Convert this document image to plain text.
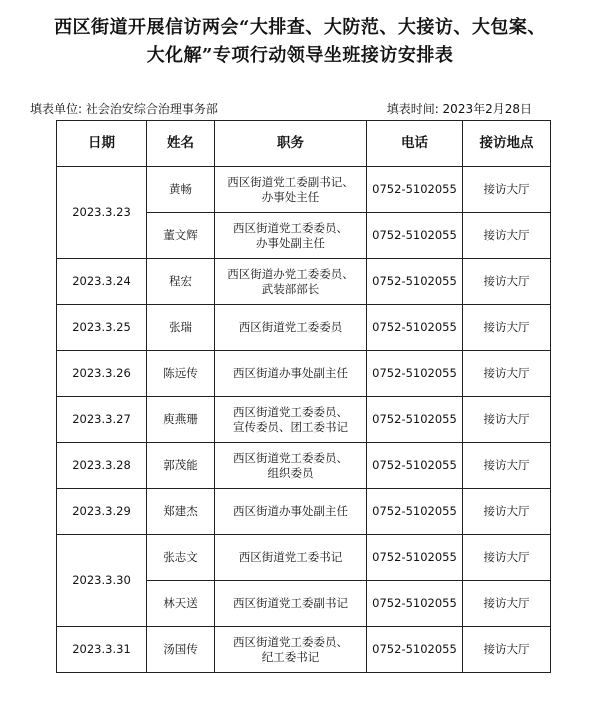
西区街道开展信访两会“大排查、大防范、大接访、大包案、
大化解”专项行动领导坐班接访安排表
填表单位: 社会治安综合治理事务部	填表时间: 2023年2月28日
日期	姓名	职务	电话	接访地点
2023.3.23	黄畅	西区街道党工委副书记、
办事处主任	0752-5102055	接访大厅
	董文辉	西区街道党工委委员、
办事处副主任	0752-5102055	接访大厅
2023.3.24	程宏	西区街道办党工委委员、
武装部部长	0752-5102055	接访大厅
2023.3.25	张瑞	西区街道党工委委员	0752-5102055	接访大厅
2023.3.26	陈远传	西区街道办事处副主任	0752-5102055	接访大厅
2023.3.27	庾燕珊	西区街道党工委委员、
宣传委员、团工委书记	0752-5102055	接访大厅
2023.3.28	郭茂能	西区街道党工委委员、
组织委员	0752-5102055	接访大厅
2023.3.29	郑建杰	西区街道办事处副主任	0752-5102055	接访大厅
2023.3.30	张志文	西区街道党工委书记	0752-5102055	接访大厅
	林天送	西区街道党工委副书记	0752-5102055	接访大厅
2023.3.31	汤国传	西区街道党工委委员、
纪工委书记	0752-5102055	接访大厅
